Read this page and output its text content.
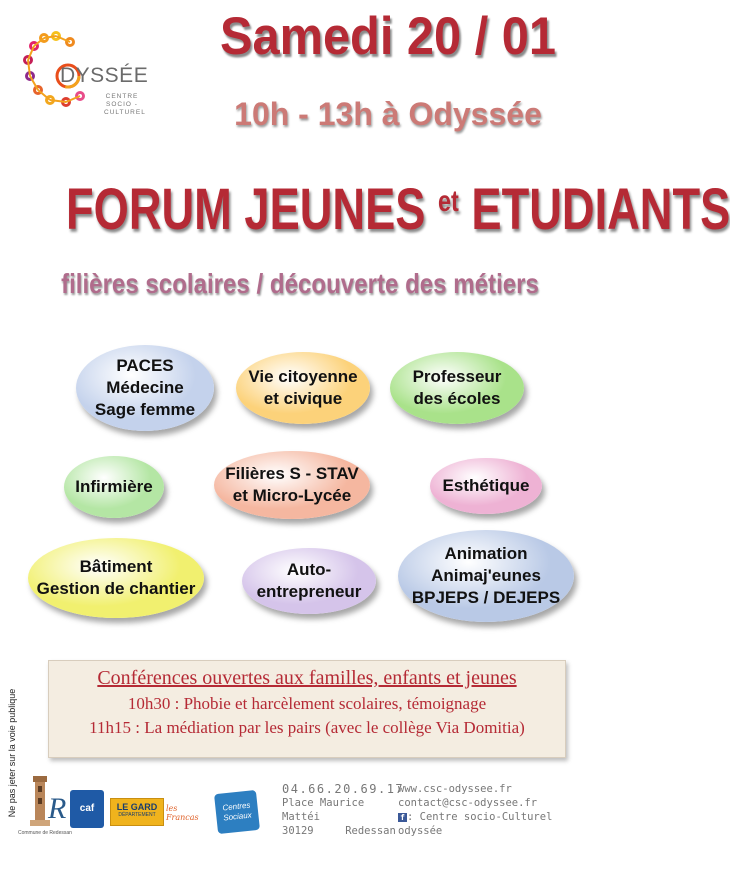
DYSSÉE
CENTRE
SOCIO -
CULTUREL
Samedi 20 / 01
10h - 13h à Odyssée
FORUM JEUNES $^{et}$ ETUDIANTS
filières scolaires / découverte des métiers
PACES
Médecine
Sage femme
Vie citoyenne
et civique
Professeur
des écoles
Infirmière
Filières S - STAV
et Micro-Lycée
Esthétique
Bâtiment
Gestion de chantier
Auto-
entrepreneur
Animation
Animaj'eunes
BPJEPS / DEJEPS
Conférences ouvertes aux familles, enfants et jeunes
10h30 : Phobie et harcèlement scolaires, témoignage
11h15 : La médiation par les pairs (avec le collège Via Domitia)
Ne pas jeter sur la voie publique R
Commune de Redessan
caf	LE GARD
DÉPARTEMENT
les Francas
Centres Sociaux
04.66.20.69.17
Place Maurice Mattéi
30129	Redessan
www.csc-odyssee.fr
contact@csc-odyssee.fr
f : Centre socio-Culturel odyssée
